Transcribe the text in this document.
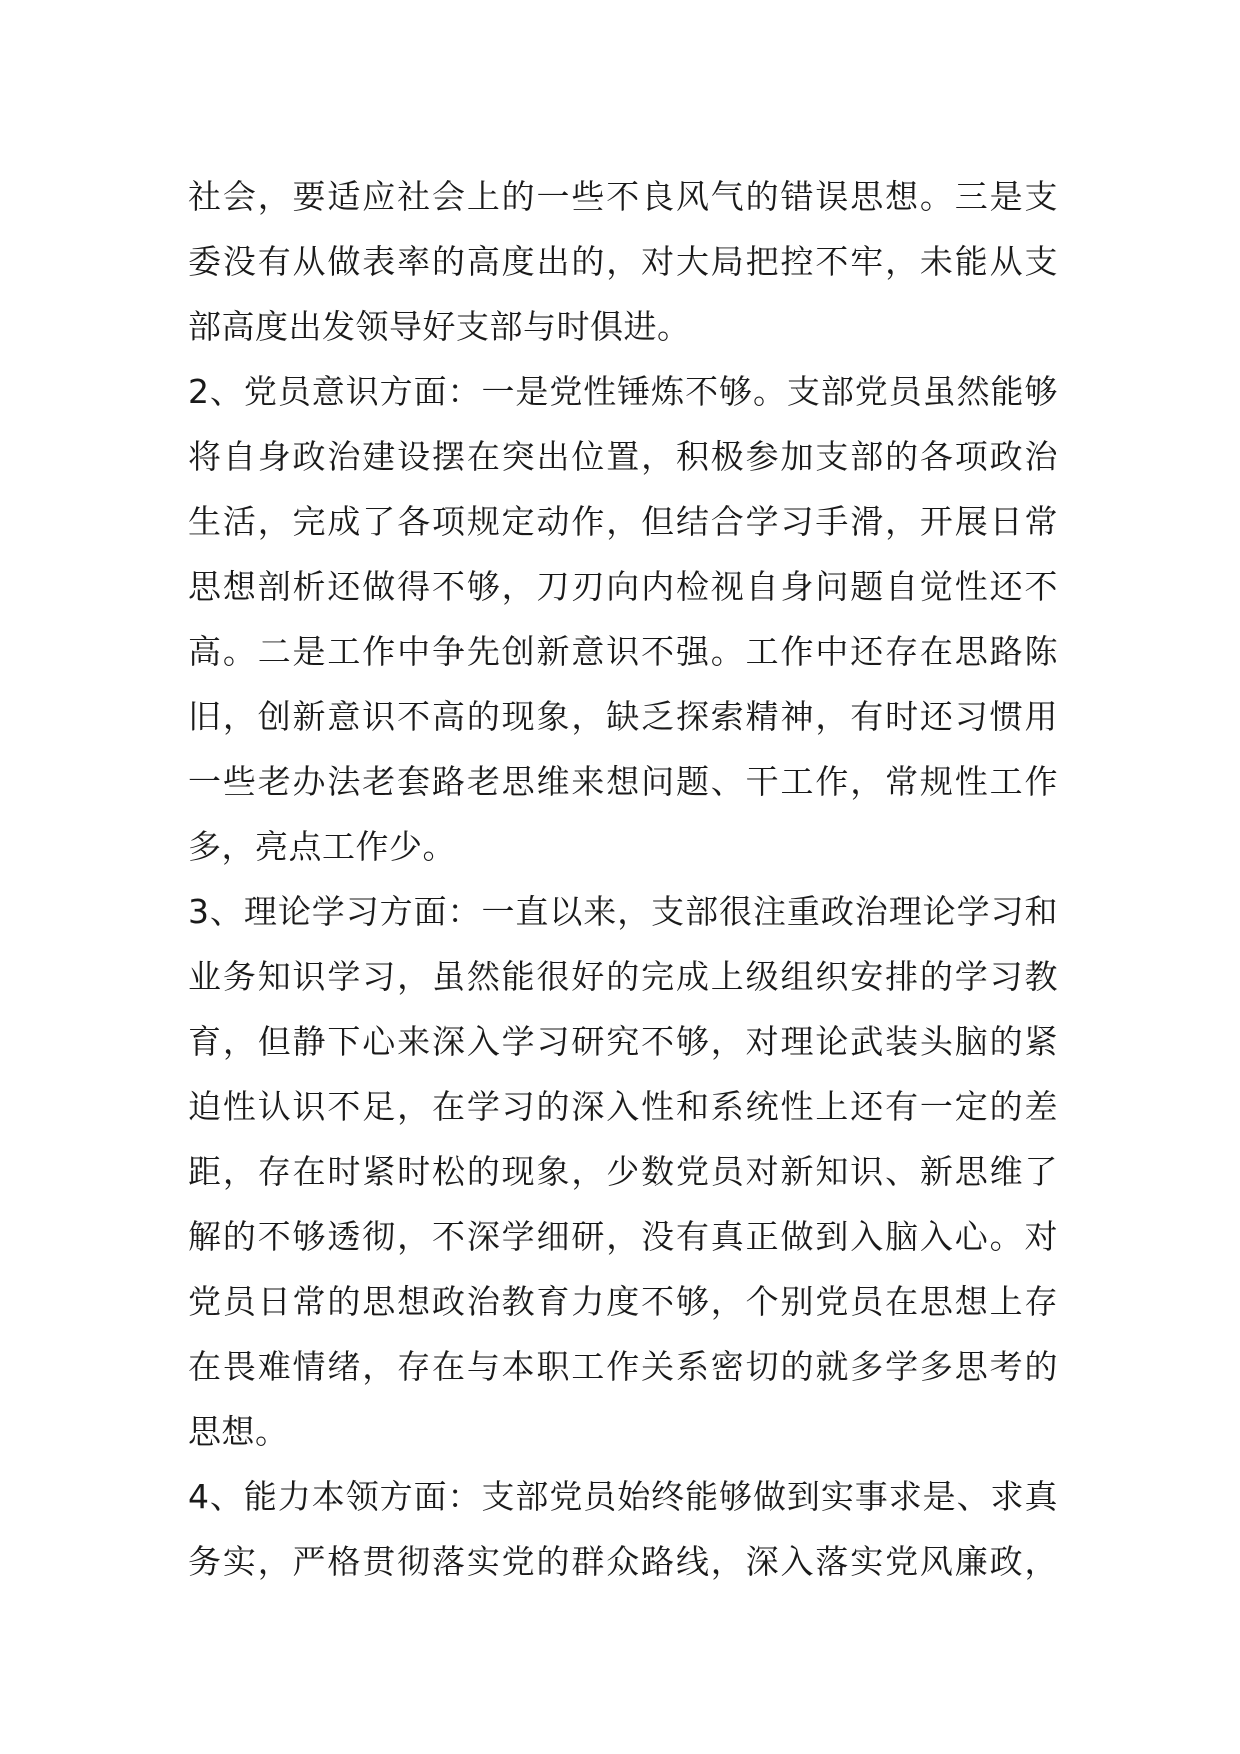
社会，要适应社会上的一些不良风气的错误思想。三是支
委没有从做表率的高度出的，对大局把控不牢，未能从支
部高度出发领导好支部与时俱进。
2、党员意识方面：一是党性锤炼不够。支部党员虽然能够
将自身政治建设摆在突出位置，积极参加支部的各项政治
生活，完成了各项规定动作，但结合学习手滑，开展日常
思想剖析还做得不够，刀刃向内检视自身问题自觉性还不
高。二是工作中争先创新意识不强。工作中还存在思路陈
旧，创新意识不高的现象，缺乏探索精神，有时还习惯用
一些老办法老套路老思维来想问题、干工作，常规性工作
多，亮点工作少。
3、理论学习方面：一直以来，支部很注重政治理论学习和
业务知识学习，虽然能很好的完成上级组织安排的学习教
育，但静下心来深入学习研究不够，对理论武装头脑的紧
迫性认识不足，在学习的深入性和系统性上还有一定的差
距，存在时紧时松的现象，少数党员对新知识、新思维了
解的不够透彻，不深学细研，没有真正做到入脑入心。对
党员日常的思想政治教育力度不够，个别党员在思想上存
在畏难情绪，存在与本职工作关系密切的就多学多思考的
思想。
4、能力本领方面：支部党员始终能够做到实事求是、求真
务实，严格贯彻落实党的群众路线，深入落实党风廉政，
